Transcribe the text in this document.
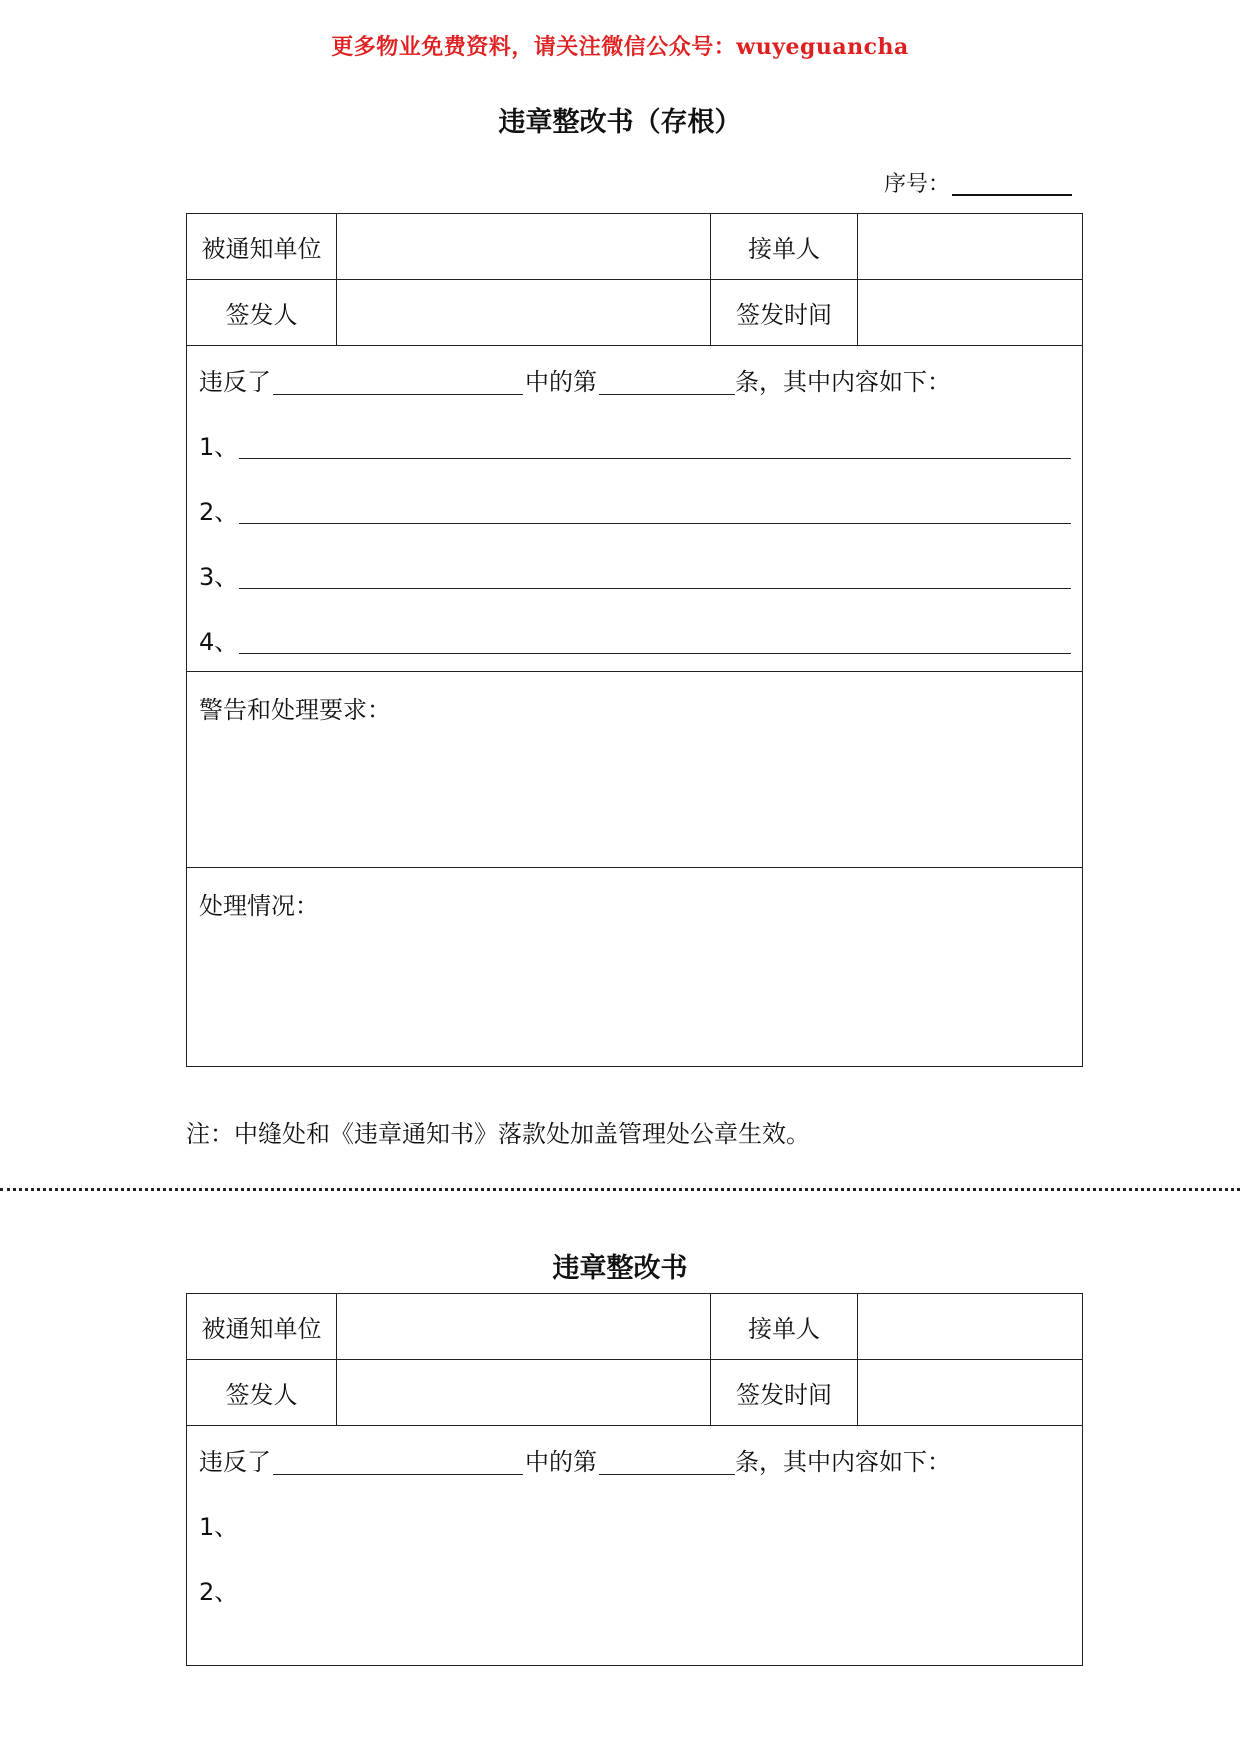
更多物业免费资料，请关注微信公众号：wuyeguancha
违章整改书（存根）
序号：
被通知单位	接单人
签发人	签发时间
违反了	中的第	条，其中内容如下：
1、
2、
3、
4、
警告和处理要求：
处理情况：
注：中缝处和《违章通知书》落款处加盖管理处公章生效。
违章整改书
被通知单位	接单人
签发人	签发时间
违反了	中的第	条，其中内容如下：
1、
2、
